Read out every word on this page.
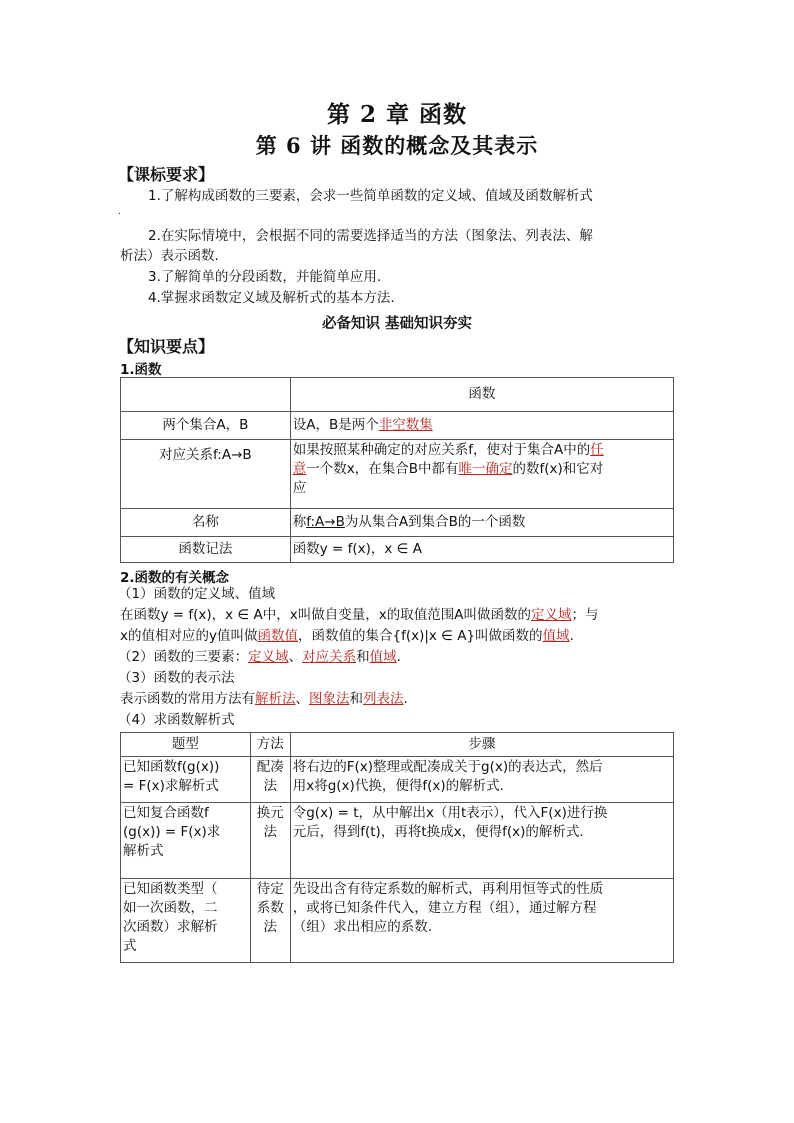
第 2 章 函数
第 6 讲 函数的概念及其表示
【课标要求】
1.了解构成函数的三要素，会求一些简单函数的定义域、值域及函数解析式
.
2.在实际情境中，会根据不同的需要选择适当的方法（图象法、列表法、解
析法）表示函数.
3.了解简单的分段函数，并能简单应用.
4.掌握求函数定义域及解析式的基本方法.
必备知识 基础知识夯实
【知识要点】
1.函数
	函数
两个集合A，B	设A，B是两个非空数集
对应关系f:A→B	如果按照某种确定的对应关系f，使对于集合A中的任
意一个数x，在集合B中都有唯一确定的数f(x)和它对
应
名称	称f:A→B为从集合A到集合B的一个函数
函数记法	函数y = f(x)，x ∈ A
2.函数的有关概念
（1）函数的定义域、值域
在函数y = f(x)，x ∈ A中，x叫做自变量，x的取值范围A叫做函数的定义域；与
x的值相对应的y值叫做函数值，函数值的集合{f(x)|x ∈ A}叫做函数的值域.
（2）函数的三要素：定义域、对应关系和值域.
（3）函数的表示法
表示函数的常用方法有解析法、图象法和列表法.
（4）求函数解析式
题型	方法	步骤
已知函数f(g(x))
= F(x)求解析式	配凑
法	将右边的F(x)整理或配凑成关于g(x)的表达式，然后
用x将g(x)代换，便得f(x)的解析式.
已知复合函数f
(g(x)) = F(x)求
解析式	换元
法	令g(x) = t，从中解出x（用t表示），代入F(x)进行换
元后，得到f(t)，再将t换成x，便得f(x)的解析式.
已知函数类型（
如一次函数，二
次函数）求解析
式	待定
系数
法	先设出含有待定系数的解析式，再利用恒等式的性质
，或将已知条件代入，建立方程（组），通过解方程
（组）求出相应的系数.
